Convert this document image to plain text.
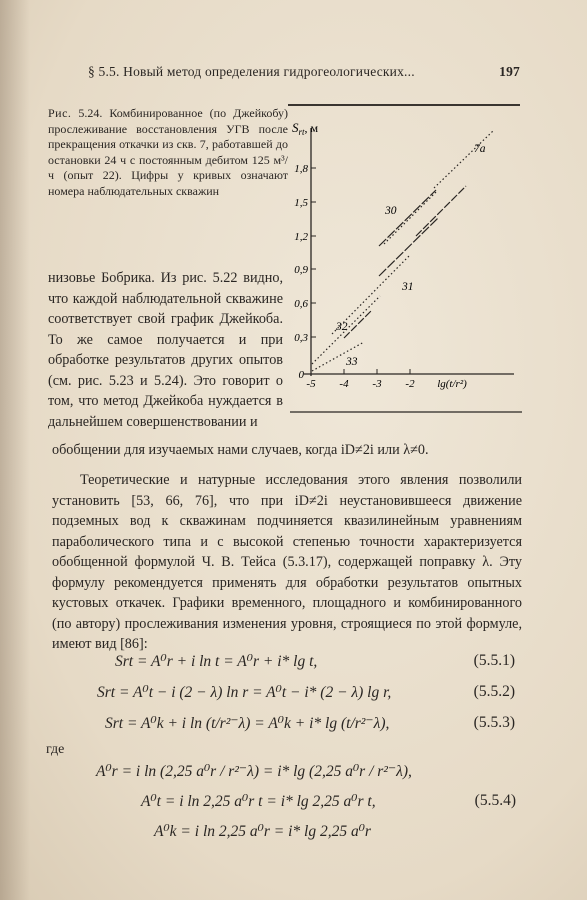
§ 5.5. Новый метод определения гидрогеологических...	197
Рис. 5.24. Комбинированное (по Джейкобу) прослеживание восстановления УГВ после прекращения откачки из скв. 7, работавшей до остановки 24 ч с постоянным дебитом 125 м³/ч (опыт 22). Цифры у кривых означают номера наблюдательных скважин
$S_{rt}$, м
0
0,3
0,6
0,9
1,2
1,5
1,8
-5 -4 -3 -2 lg(t/r²)
7а
30
31
32
33
низовье Бобрика. Из рис. 5.22 видно, что каждой наблюдательной скважине соответствует свой график Джейкоба. То же самое получается и при обработке результатов других опытов (см. рис. 5.23 и 5.24). Это говорит о том, что метод Джейкоба нуждается в дальнейшем совершенствовании и
обобщении для изучаемых нами случаев, когда iD≠2i или λ≠0.
Теоретические и натурные исследования этого явления позволили установить [53, 66, 76], что при iD≠2i неустановившееся движение подземных вод к скважинам подчиняется квазилинейным уравнениям параболического типа и с высокой степенью точности характеризуется обобщенной формулой Ч. В. Тейса (5.3.17), содержащей поправку λ. Эту формулу рекомендуется применять для обработки результатов опытных кустовых откачек. Графики временного, площадного и комбинированного (по автору) прослеживания изменения уровня, строящиеся по этой формуле, имеют вид [86]:
Srt = A⁰r + i ln t = A⁰r + i* lg t,	(5.5.1)
Srt = A⁰t − i (2 − λ) ln r = A⁰t − i* (2 − λ) lg r,	(5.5.2)
Srt = A⁰k + i ln (t/r²⁻λ) = A⁰k + i* lg (t/r²⁻λ),	(5.5.3)
где
A⁰r = i ln (2,25 a⁰r / r²⁻λ) = i* lg (2,25 a⁰r / r²⁻λ),
A⁰t = i ln 2,25 a⁰r t = i* lg 2,25 a⁰r t,	(5.5.4)
A⁰k = i ln 2,25 a⁰r = i* lg 2,25 a⁰r
